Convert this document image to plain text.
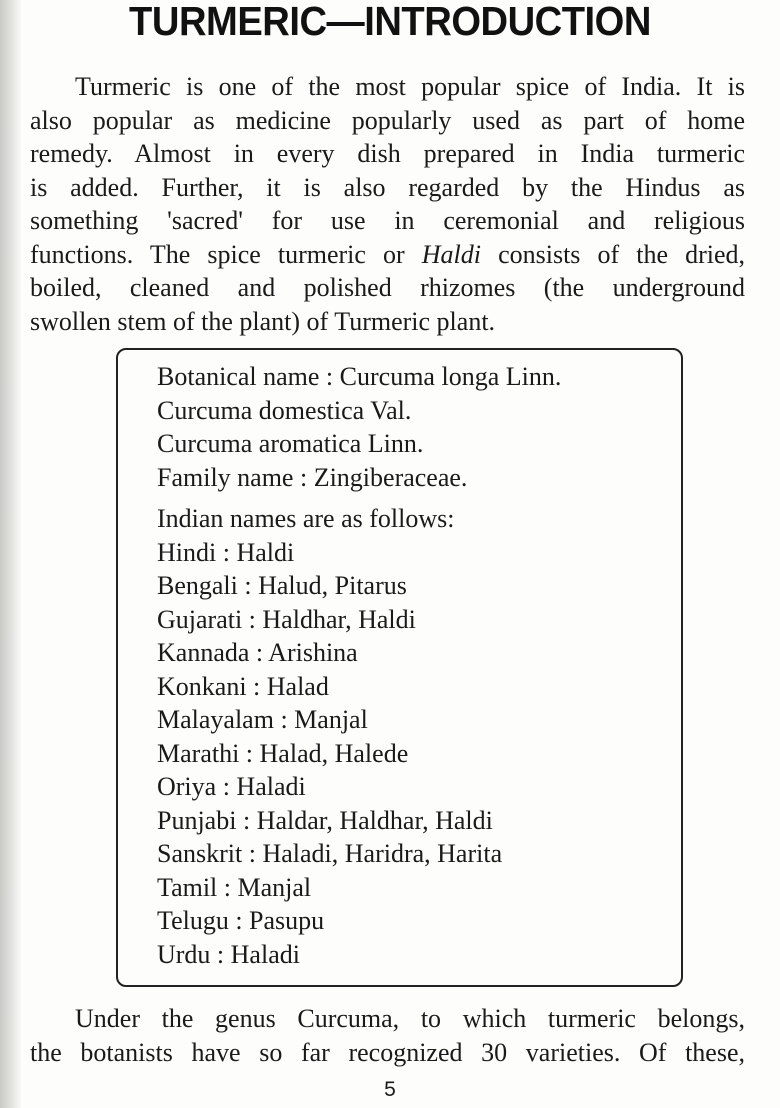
TURMERIC—INTRODUCTION
Turmeric is one of the most popular spice of India. It is
also popular as medicine popularly used as part of home
remedy. Almost in every dish prepared in India turmeric
is added. Further, it is also regarded by the Hindus as
something 'sacred' for use in ceremonial and religious
functions. The spice turmeric or Haldi consists of the dried,
boiled, cleaned and polished rhizomes (the underground
swollen stem of the plant) of Turmeric plant.
Botanical name : Curcuma longa Linn.
Curcuma domestica Val.
Curcuma aromatica Linn.
Family name : Zingiberaceae.
Indian names are as follows:
Hindi : Haldi
Bengali : Halud, Pitarus
Gujarati : Haldhar, Haldi
Kannada : Arishina
Konkani : Halad
Malayalam : Manjal
Marathi : Halad, Halede
Oriya : Haladi
Punjabi : Haldar, Haldhar, Haldi
Sanskrit : Haladi, Haridra, Harita
Tamil : Manjal
Telugu : Pasupu
Urdu : Haladi
Under the genus Curcuma, to which turmeric belongs,
the botanists have so far recognized 30 varieties. Of these,
5
